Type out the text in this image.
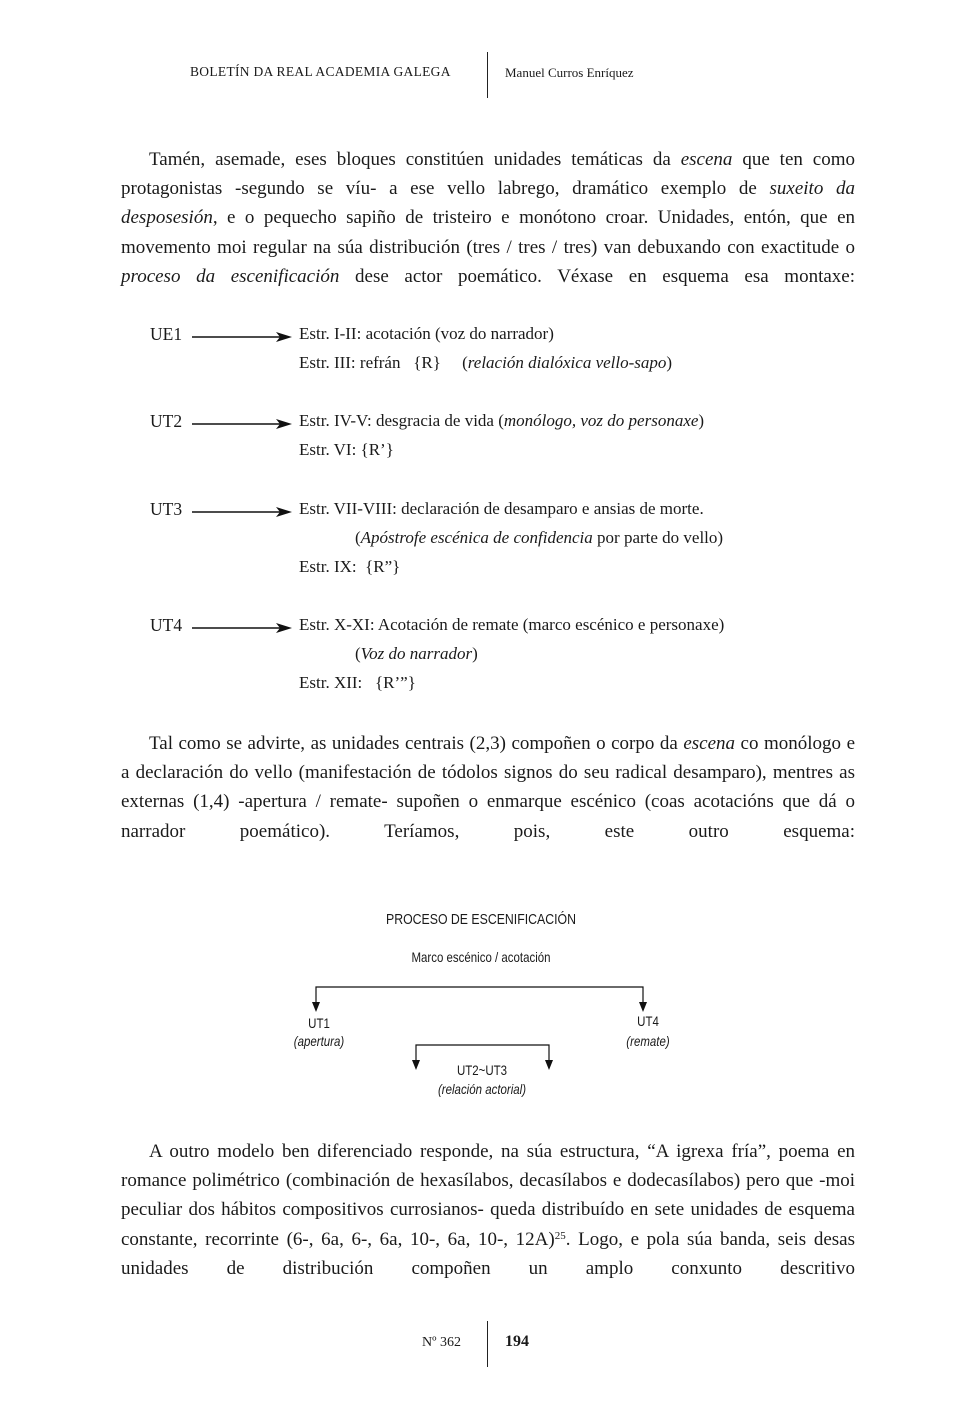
BOLETÍN DA REAL ACADEMIA GALEGA	Manuel Curros Enríquez
Tamén, asemade, eses bloques constitúen unidades temáticas da escena que ten como protagonistas -segundo se víu- a ese vello labrego, dramático exemplo de suxeito da desposesión, e o pequecho sapiño de tristeiro e monótono croar. Unidades, entón, que en movemento moi regular na súa distribución (tres / tres / tres) van debuxando con exactitude o proceso da escenificación dese actor poemático. Véxase en esquema esa montaxe:
UE1	Estr. I-II: acotación (voz do narrador)
Estr. III: refrán   {R}     (relación dialóxica vello-sapo)
UT2	Estr. IV-V: desgracia de vida (monólogo, voz do personaxe)
Estr. VI: {R’}
UT3	Estr. VII-VIII: declaración de desamparo e ansias de morte.
(Apóstrofe escénica de confidencia por parte do vello)
Estr. IX:  {R”}
UT4	Estr. X-XI: Acotación de remate (marco escénico e personaxe)
(Voz do narrador)
Estr. XII:   {R’”}
Tal como se advirte, as unidades centrais (2,3) compoñen o corpo da escena co monólogo e a declaración do vello (manifestación de tódolos signos do seu radical desamparo), mentres as externas (1,4) -apertura / remate- supoñen o enmarque escénico (coas acotacións que dá o narrador poemático). Teríamos, pois, este outro esquema:
PROCESO DE ESCENIFICACIÓN
Marco escénico / acotación
UT1
(apertura)
UT4
(remate)
UT2~UT3
(relación actorial)
A outro modelo ben diferenciado responde, na súa estructura, “A igrexa fría”, poema en romance polimétrico (combinación de hexasílabos, decasílabos e dodecasílabos) pero que -moi peculiar dos hábitos compositivos currosianos- queda distribuído en sete unidades de esquema constante, recorrinte (6-, 6a, 6-, 6a, 10-, 6a, 10-, 12A)$^{25}$. Logo, e pola súa banda, seis desas unidades de distribución compoñen un amplo conxunto descritivo
Nº 362	194
